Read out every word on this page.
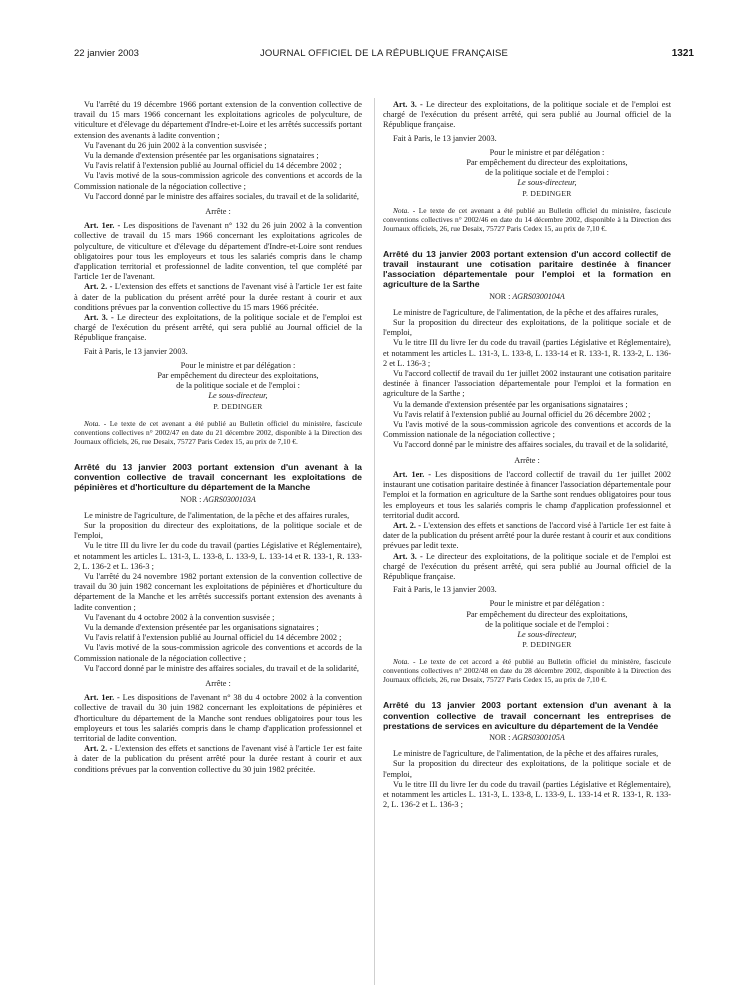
22 janvier 2003	JOURNAL OFFICIEL DE LA RÉPUBLIQUE FRANÇAISE	1321

Vu l'arrêté du 19 décembre 1966 portant extension de la convention collective de travail du 15 mars 1966 concernant les exploitations agricoles de polyculture, de viticulture et d'élevage du département d'Indre-et-Loire et les arrêtés successifs portant extension des avenants à ladite convention ;

Vu l'avenant du 26 juin 2002 à la convention susvisée ;

Vu la demande d'extension présentée par les organisations signataires ;

Vu l'avis relatif à l'extension publié au Journal officiel du 14 décembre 2002 ;

Vu l'avis motivé de la sous-commission agricole des conventions et accords de la Commission nationale de la négociation collective ;

Vu l'accord donné par le ministre des affaires sociales, du travail et de la solidarité,

Arrête :

Art. 1er. - Les dispositions de l'avenant n° 132 du 26 juin 2002 à la convention collective de travail du 15 mars 1966 concernant les exploitations agricoles de polyculture, de viticulture et d'élevage du département d'Indre-et-Loire sont rendues obligatoires pour tous les employeurs et tous les salariés compris dans le champ d'application territorial et professionnel de ladite convention, tel que complété par l'article 1er de l'avenant.

Art. 2. - L'extension des effets et sanctions de l'avenant visé à l'article 1er est faite à dater de la publication du présent arrêté pour la durée restant à courir et aux conditions prévues par la convention collective du 15 mars 1966 précitée.

Art. 3. - Le directeur des exploitations, de la politique sociale et de l'emploi est chargé de l'exécution du présent arrêté, qui sera publié au Journal officiel de la République française.

Fait à Paris, le 13 janvier 2003.

Pour le ministre et par délégation :

Par empêchement du directeur des exploitations,

de la politique sociale et de l'emploi :

Le sous-directeur,

P. DEDINGER

Nota. - Le texte de cet avenant a été publié au Bulletin officiel du ministère, fascicule conventions collectives n° 2002/47 en date du 21 décembre 2002, disponible à la Direction des Journaux officiels, 26, rue Desaix, 75727 Paris Cedex 15, au prix de 7,10 €.

Arrêté du 13 janvier 2003 portant extension d'un avenant à la convention collective de travail concernant les exploitations de pépinières et d'horticulture du département de la Manche

NOR : AGRS0300103A

Le ministre de l'agriculture, de l'alimentation, de la pêche et des affaires rurales,

Sur la proposition du directeur des exploitations, de la politique sociale et de l'emploi,

Vu le titre III du livre Ier du code du travail (parties Législative et Réglementaire), et notamment les articles L. 131-3, L. 133-8, L. 133-9, L. 133-14 et R. 133-1, R. 133-2, L. 136-2 et L. 136-3 ;

Vu l'arrêté du 24 novembre 1982 portant extension de la convention collective de travail du 30 juin 1982 concernant les exploitations de pépinières et d'horticulture du département de la Manche et les arrêtés successifs portant extension des avenants à ladite convention ;

Vu l'avenant du 4 octobre 2002 à la convention susvisée ;

Vu la demande d'extension présentée par les organisations signataires ;

Vu l'avis relatif à l'extension publié au Journal officiel du 14 décembre 2002 ;

Vu l'avis motivé de la sous-commission agricole des conventions et accords de la Commission nationale de la négociation collective ;

Vu l'accord donné par le ministre des affaires sociales, du travail et de la solidarité,

Arrête :

Art. 1er. - Les dispositions de l'avenant n° 38 du 4 octobre 2002 à la convention collective de travail du 30 juin 1982 concernant les exploitations de pépinières et d'horticulture du département de la Manche sont rendues obligatoires pour tous les employeurs et tous les salariés compris dans le champ d'application professionnel et territorial de ladite convention.

Art. 2. - L'extension des effets et sanctions de l'avenant visé à l'article 1er est faite à dater de la publication du présent arrêté pour la durée restant à courir et aux conditions prévues par la convention collective du 30 juin 1982 précitée.

Art. 3. - Le directeur des exploitations, de la politique sociale et de l'emploi est chargé de l'exécution du présent arrêté, qui sera publié au Journal officiel de la République française.

Fait à Paris, le 13 janvier 2003.

Pour le ministre et par délégation :

Par empêchement du directeur des exploitations,

de la politique sociale et de l'emploi :

Le sous-directeur,

P. DEDINGER

Nota. - Le texte de cet avenant a été publié au Bulletin officiel du ministère, fascicule conventions collectives n° 2002/46 en date du 14 décembre 2002, disponible à la Direction des Journaux officiels, 26, rue Desaix, 75727 Paris Cedex 15, au prix de 7,10 €.

Arrêté du 13 janvier 2003 portant extension d'un accord collectif de travail instaurant une cotisation paritaire destinée à financer l'association départementale pour l'emploi et la formation en agriculture de la Sarthe

NOR : AGRS0300104A

Le ministre de l'agriculture, de l'alimentation, de la pêche et des affaires rurales,

Sur la proposition du directeur des exploitations, de la politique sociale et de l'emploi,

Vu le titre III du livre Ier du code du travail (parties Législative et Réglementaire), et notamment les articles L. 131-3, L. 133-8, L. 133-14 et R. 133-1, R. 133-2, L. 136-2 et L. 136-3 ;

Vu l'accord collectif de travail du 1er juillet 2002 instaurant une cotisation paritaire destinée à financer l'association départementale pour l'emploi et la formation en agriculture de la Sarthe ;

Vu la demande d'extension présentée par les organisations signataires ;

Vu l'avis relatif à l'extension publié au Journal officiel du 26 décembre 2002 ;

Vu l'avis motivé de la sous-commission agricole des conventions et accords de la Commission nationale de la négociation collective ;

Vu l'accord donné par le ministre des affaires sociales, du travail et de la solidarité,

Arrête :

Art. 1er. - Les dispositions de l'accord collectif de travail du 1er juillet 2002 instaurant une cotisation paritaire destinée à financer l'association départementale pour l'emploi et la formation en agriculture de la Sarthe sont rendues obligatoires pour tous les employeurs et tous les salariés compris le champ d'application professionnel et territorial dudit accord.

Art. 2. - L'extension des effets et sanctions de l'accord visé à l'article 1er est faite à dater de la publication du présent arrêté pour la durée restant à courir et aux conditions prévues par ledit texte.

Art. 3. - Le directeur des exploitations, de la politique sociale et de l'emploi est chargé de l'exécution du présent arrêté, qui sera publié au Journal officiel de la République française.

Fait à Paris, le 13 janvier 2003.

Pour le ministre et par délégation :

Par empêchement du directeur des exploitations,

de la politique sociale et de l'emploi :

Le sous-directeur,

P. DEDINGER

Nota. - Le texte de cet accord a été publié au Bulletin officiel du ministère, fascicule conventions collectives n° 2002/48 en date du 28 décembre 2002, disponible à la Direction des Journaux officiels, 26, rue Desaix, 75727 Paris Cedex 15, au prix de 7,10 €.

Arrêté du 13 janvier 2003 portant extension d'un avenant à la convention collective de travail concernant les entreprises de prestations de services en aviculture du département de la Vendée

NOR : AGRS0300105A

Le ministre de l'agriculture, de l'alimentation, de la pêche et des affaires rurales,

Sur la proposition du directeur des exploitations, de la politique sociale et de l'emploi,

Vu le titre III du livre Ier du code du travail (parties Législative et Réglementaire), et notamment les articles L. 131-3, L. 133-8, L. 133-9, L. 133-14 et R. 133-1, R. 133-2, L. 136-2 et L. 136-3 ;
